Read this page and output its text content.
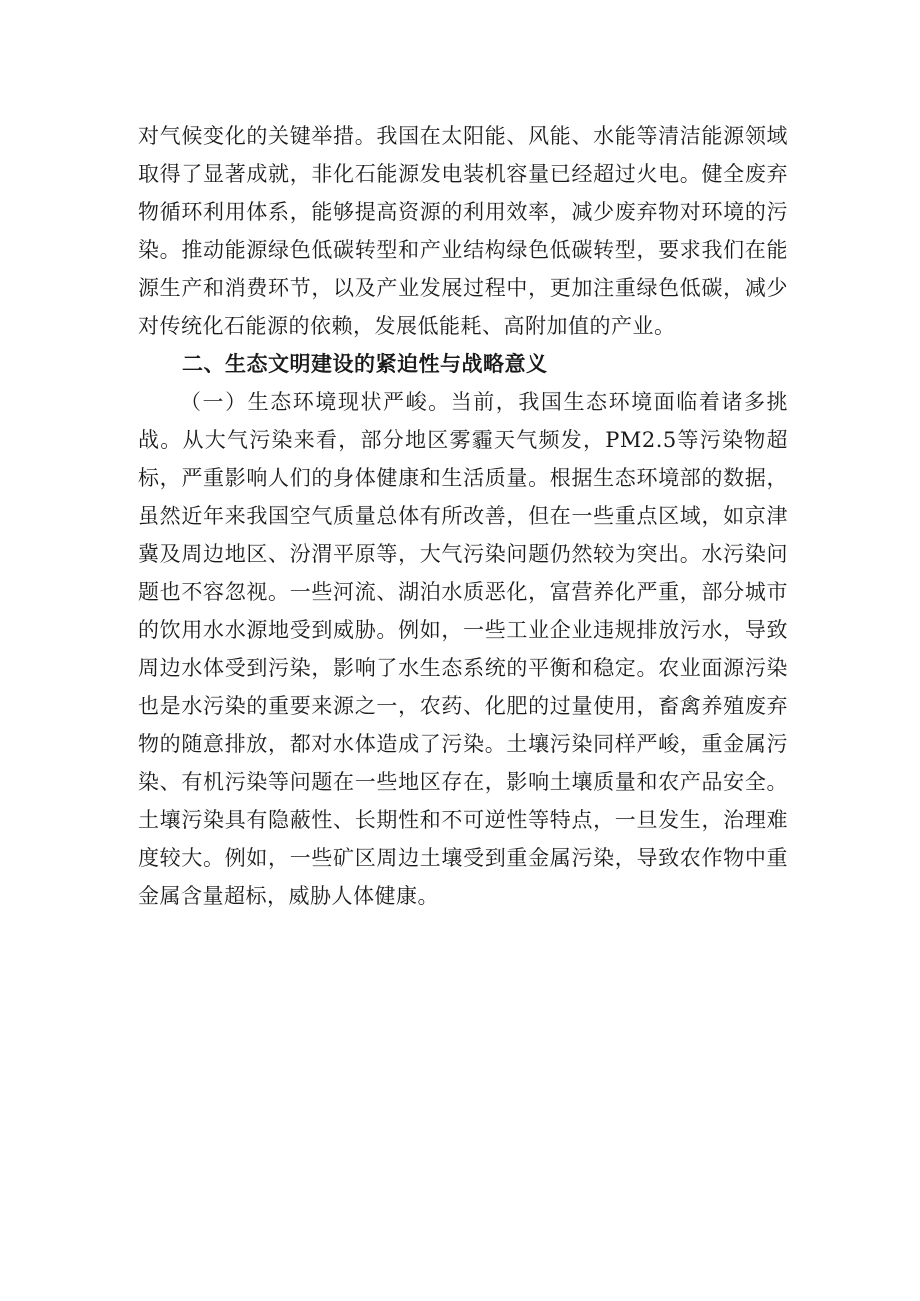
对气候变化的关键举措。我国在太阳能、风能、水能等清洁能源领域取得了显著成就，非化石能源发电装机容量已经超过火电。健全废弃物循环利用体系，能够提高资源的利用效率，减少废弃物对环境的污染。推动能源绿色低碳转型和产业结构绿色低碳转型，要求我们在能源生产和消费环节，以及产业发展过程中，更加注重绿色低碳，减少对传统化石能源的依赖，发展低能耗、高附加值的产业。

二、生态文明建设的紧迫性与战略意义

（一）生态环境现状严峻。当前，我国生态环境面临着诸多挑战。从大气污染来看，部分地区雾霾天气频发，PM2.5等污染物超标，严重影响人们的身体健康和生活质量。根据生态环境部的数据，虽然近年来我国空气质量总体有所改善，但在一些重点区域，如京津冀及周边地区、汾渭平原等，大气污染问题仍然较为突出。水污染问题也不容忽视。一些河流、湖泊水质恶化，富营养化严重，部分城市的饮用水水源地受到威胁。例如，一些工业企业违规排放污水，导致周边水体受到污染，影响了水生态系统的平衡和稳定。农业面源污染也是水污染的重要来源之一，农药、化肥的过量使用，畜禽养殖废弃物的随意排放，都对水体造成了污染。土壤污染同样严峻，重金属污染、有机污染等问题在一些地区存在，影响土壤质量和农产品安全。土壤污染具有隐蔽性、长期性和不可逆性等特点，一旦发生，治理难度较大。例如，一些矿区周边土壤受到重金属污染，导致农作物中重金属含量超标，威胁人体健康。
